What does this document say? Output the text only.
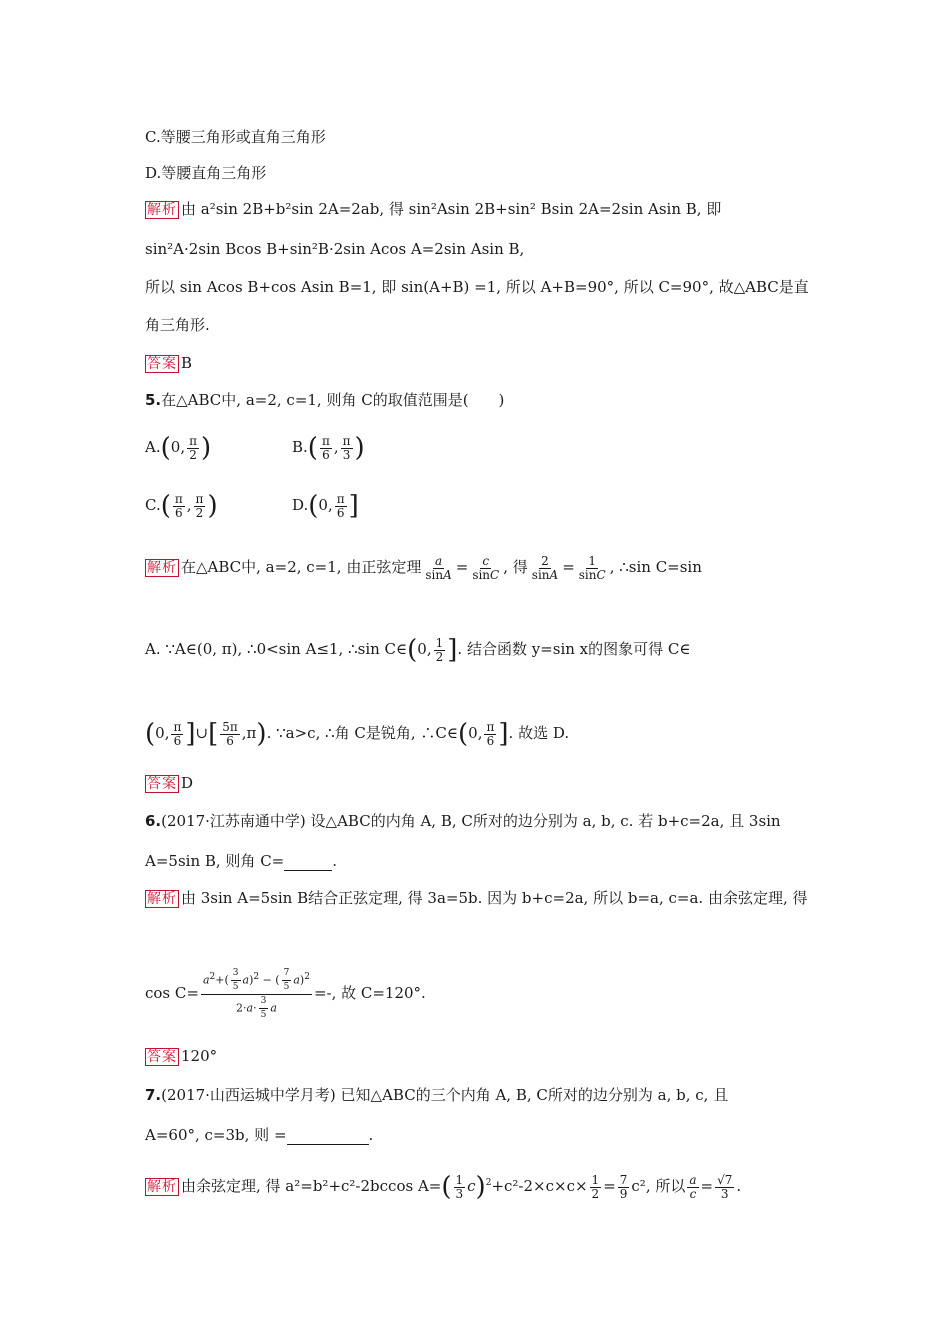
C.等腰三角形或直角三角形
D.等腰直角三角形
解析 由 a²sin 2B+b²sin 2A=2ab, 得 sin²Asin 2B+sin² Bsin 2A=2sin Asin B, 即
sin²A·2sin Bcos B+sin²B·2sin Acos A=2sin Asin B,
所以 sin Acos B+cos Asin B=1, 即 sin(A+B) =1, 所以 A+B=90°, 所以 C=90°, 故△ABC是直
角三角形.
答案 B
5.在△ABC中, a=2, c=1, 则角 C的取值范围是(　　)
A.(0, $\frac{\pi}{2}$ )	$B.( \frac{\pi}{6}$ , $\frac{\pi}{3}$ )
$C.( \frac{\pi}{6}$ , $\frac{\pi}{2}$ )	D.(0, $\frac{\pi}{6}$ ]
解析 在△ABC中, a=2, c=1, 由正弦定理 $\frac{a}{\sin A} = \frac{c}{\sin C}$ , 得 $\frac{2}{\sin A} = \frac{1}{\sin C}$ , ∴sin C=sin
A. ∵A∈(0, π), ∴0<sin A≤1, ∴sin C∈(0, $\frac{1}{2}$ ]. 结合函数 y=sin x的图象可得 C∈
(0, $\frac{\pi}{6}$ ]∪[ $\frac{5\pi}{6} ,\pi$). ∵a>c, ∴角 C是锐角, ∴C∈(0, $\frac{\pi}{6}$ ]. 故选 D.
答案 D
6.(2017·江苏南通中学) 设△ABC的内角 A, B, C所对的边分别为 a, b, c. 若 b+c=2a, 且 3sin
A=5sin B, 则角 C=	.
解析 由 3sin A=5sin B结合正弦定理, 得 3a=5b. 因为 b+c=2a, 所以 b=a, c=a. 由余弦定理, 得
$\cos C= \frac{a^2+( \frac{3}{5} a)^2 - ( \frac{7}{5} a)^2}{2\cdot a\cdot \frac{3}{5} a}$ =-, 故 C=120°.
答案 120°
7.(2017·山西运城中学月考) 已知△ABC的三个内角 A, B, C所对的边分别为 a, b, c, 且
A=60°, c=3b, 则 =	.
解析 由余弦定理, 得 a²=b²+c²-2bccos $A=( \frac{1}{3} c)^2+c^2-2\times c\times c\times \frac{1}{2} = \frac{7}{9} c^2$, 所以 $\frac{a}{c} = \frac{√7}{3}$ .
